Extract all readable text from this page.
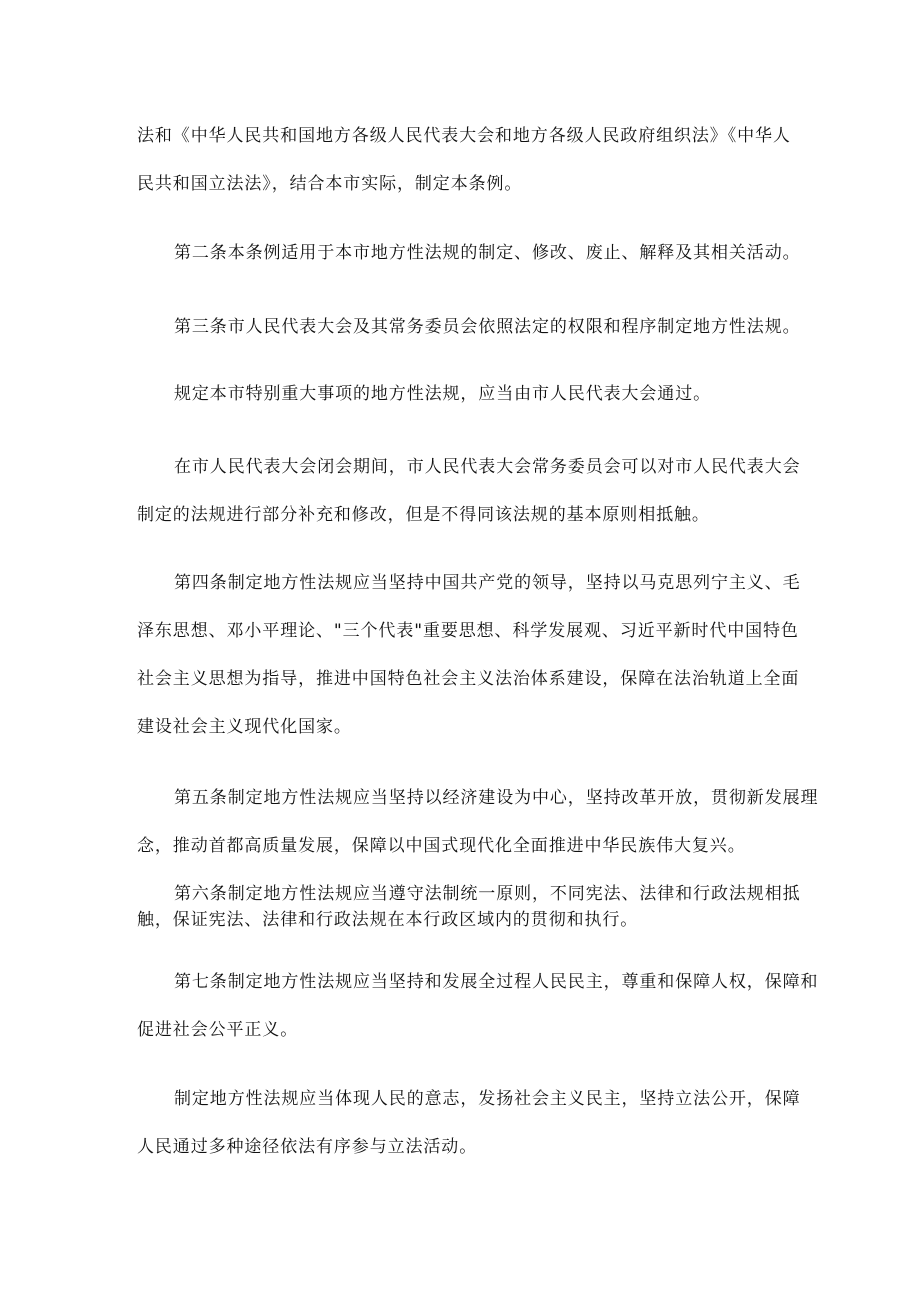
法和《中华人民共和国地方各级人民代表大会和地方各级人民政府组织法》《中华人
民共和国立法法》，结合本市实际，制定本条例。
第二条本条例适用于本市地方性法规的制定、修改、废止、解释及其相关活动。
第三条市人民代表大会及其常务委员会依照法定的权限和程序制定地方性法规。
规定本市特别重大事项的地方性法规，应当由市人民代表大会通过。
在市人民代表大会闭会期间，市人民代表大会常务委员会可以对市人民代表大会
制定的法规进行部分补充和修改，但是不得同该法规的基本原则相抵触。
第四条制定地方性法规应当坚持中国共产党的领导，坚持以马克思列宁主义、毛
泽东思想、邓小平理论、"三个代表"重要思想、科学发展观、习近平新时代中国特色
社会主义思想为指导，推进中国特色社会主义法治体系建设，保障在法治轨道上全面
建设社会主义现代化国家。
第五条制定地方性法规应当坚持以经济建设为中心，坚持改革开放，贯彻新发展理
念，推动首都高质量发展，保障以中国式现代化全面推进中华民族伟大复兴。
第六条制定地方性法规应当遵守法制统一原则，不同宪法、法律和行政法规相抵
触，保证宪法、法律和行政法规在本行政区域内的贯彻和执行。
第七条制定地方性法规应当坚持和发展全过程人民民主，尊重和保障人权，保障和
促进社会公平正义。
制定地方性法规应当体现人民的意志，发扬社会主义民主，坚持立法公开，保障
人民通过多种途径依法有序参与立法活动。
